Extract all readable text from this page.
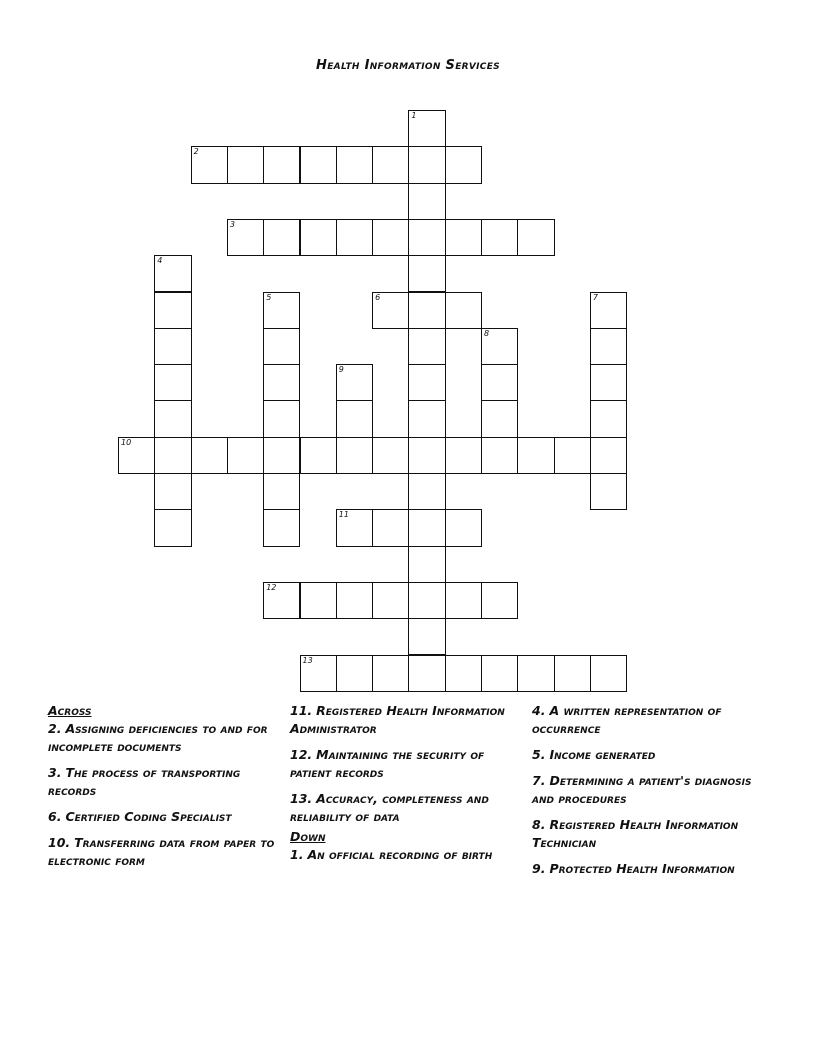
Health Information Services
1
2
3
4
5	6	7
8
9
10
11
12
13
Across
2. Assigning deficiencies to and for incomplete documents
3. The process of transporting records
6. Certified Coding Specialist
10. Transferring data from paper to electronic form
11. Registered Health Information Administrator
12. Maintaining the security of patient records
13. Accuracy, completeness and reliability of data
Down
1. An official recording of birth
4. A written representation of occurrence
5. Income generated
7. Determining a patient's diagnosis and procedures
8. Registered Health Information Technician
9. Protected Health Information
